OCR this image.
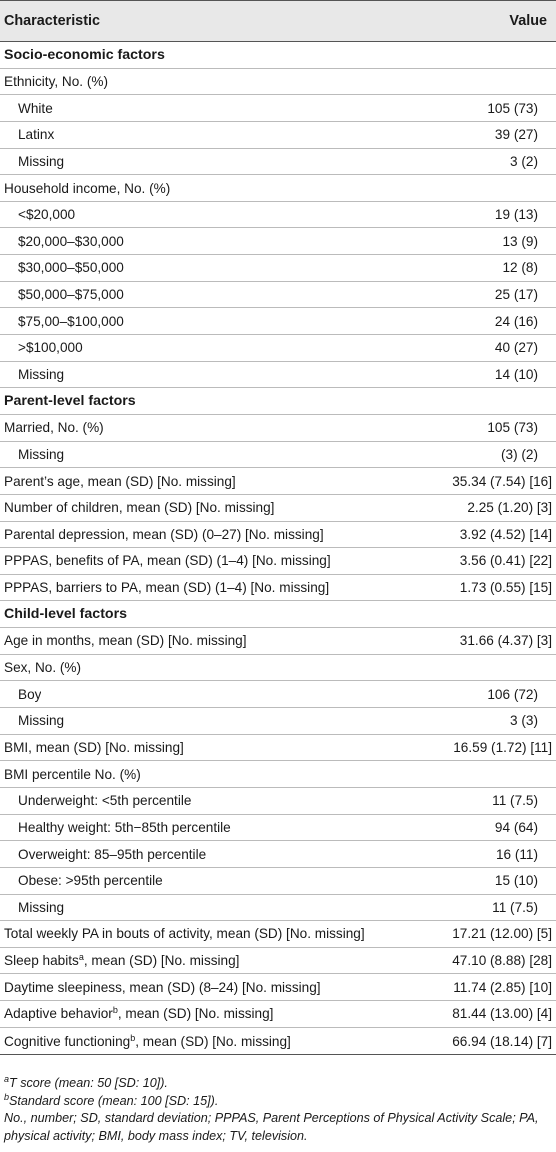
Characteristic	Value
Socio-economic factors
Ethnicity, No. (%)
White	105 (73)
Latinx	39 (27)
Missing	3 (2)
Household income, No. (%)
<$20,000	19 (13)
$20,000–$30,000	13 (9)
$30,000–$50,000	12 (8)
$50,000–$75,000	25 (17)
$75,00–$100,000	24 (16)
>$100,000	40 (27)
Missing	14 (10)
Parent-level factors
Married, No. (%)	105 (73)
Missing	(3) (2)
Parent’s age, mean (SD) [No. missing]	35.34 (7.54) [16]
Number of children, mean (SD) [No. missing]	2.25 (1.20) [3]
Parental depression, mean (SD) (0–27) [No. missing]	3.92 (4.52) [14]
PPPAS, benefits of PA, mean (SD) (1–4) [No. missing]	3.56 (0.41) [22]
PPPAS, barriers to PA, mean (SD) (1–4) [No. missing]	1.73 (0.55) [15]
Child-level factors
Age in months, mean (SD) [No. missing]	31.66 (4.37) [3]
Sex, No. (%)
Boy	106 (72)
Missing	3 (3)
BMI, mean (SD) [No. missing]	16.59 (1.72) [11]
BMI percentile No. (%)
Underweight: <5th percentile	11 (7.5)
Healthy weight: 5th−85th percentile	94 (64)
Overweight: 85–95th percentile	16 (11)
Obese: >95th percentile	15 (10)
Missing	11 (7.5)
Total weekly PA in bouts of activity, mean (SD) [No. missing]	17.21 (12.00) [5]
Sleep habits$^a$, mean (SD) [No. missing]	47.10 (8.88) [28]
Daytime sleepiness, mean (SD) (8–24) [No. missing]	11.74 (2.85) [10]
Adaptive behavior$^b$, mean (SD) [No. missing]	81.44 (13.00) [4]
Cognitive functioning$^b$, mean (SD) [No. missing]	66.94 (18.14) [7]
$^a$T score (mean: 50 [SD: 10]).
$^b$Standard score (mean: 100 [SD: 15]).
No., number; SD, standard deviation; PPPAS, Parent Perceptions of Physical Activity Scale; PA, physical activity; BMI, body mass index; TV, television.
